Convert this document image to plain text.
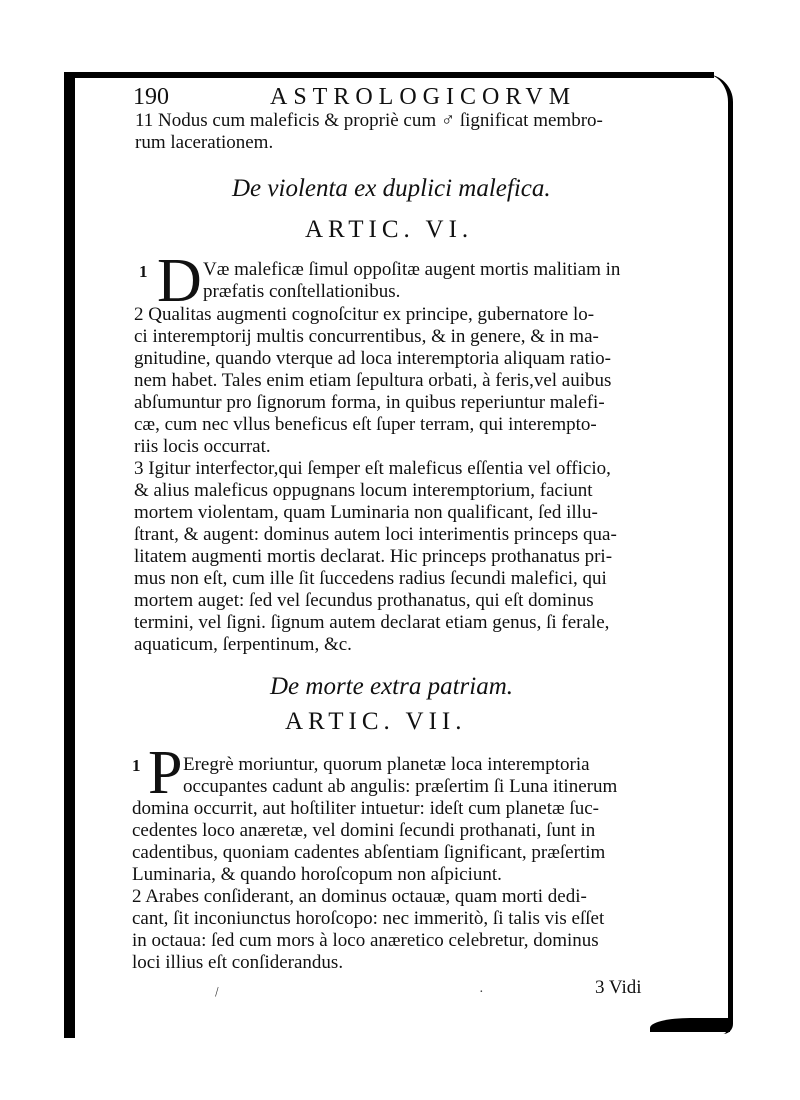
190	ASTROLOGICORVM
11 Nodus cum maleficis & propriè cum ♂ ſignificat membro-
rum lacerationem.
De violenta ex duplici malefica.
ARTIC. VI.
1 D Væ maleficæ ſimul oppoſitæ augent mortis malitiam in
præfatis conſtellationibus.
2 Qualitas augmenti cognoſcitur ex principe, gubernatore lo-
ci interemptorij multis concurrentibus, & in genere, & in ma-
gnitudine, quando vterque ad loca interemptoria aliquam ratio-
nem habet. Tales enim etiam ſepultura orbati, à feris,vel auibus
abſumuntur pro ſignorum forma, in quibus reperiuntur malefi-
cæ, cum nec vllus beneficus eſt ſuper terram, qui interempto-
riis locis occurrat.
3 Igitur interfector,qui ſemper eſt maleficus eſſentia vel officio,
& alius maleficus oppugnans locum interemptorium, faciunt
mortem violentam, quam Luminaria non qualificant, ſed illu-
ſtrant, & augent: dominus autem loci interimentis princeps qua-
litatem augmenti mortis declarat. Hic princeps prothanatus pri-
mus non eſt, cum ille ſit ſuccedens radius ſecundi malefici, qui
mortem auget: ſed vel ſecundus prothanatus, qui eſt dominus
termini, vel ſigni. ſignum autem declarat etiam genus, ſi ferale,
aquaticum, ſerpentinum, &c.
De morte extra patriam.
ARTIC. VII.
1 P Eregrè moriuntur, quorum planetæ loca interemptoria
occupantes cadunt ab angulis: præſertim ſi Luna itinerum
domina occurrit, aut hoſtiliter intuetur: ideſt cum planetæ ſuc-
cedentes loco anæretæ, vel domini ſecundi prothanati, ſunt in
cadentibus, quoniam cadentes abſentiam ſignificant, præſertim
Luminaria, & quando horoſcopum non aſpiciunt.
2 Arabes conſiderant, an dominus octauæ, quam morti dedi-
cant, ſit inconiunctus horoſcopo: nec immeritò, ſi talis vis eſſet
in octaua: ſed cum mors à loco anæretico celebretur, dominus
loci illius eſt conſiderandus.
3 Vidi
\	·
